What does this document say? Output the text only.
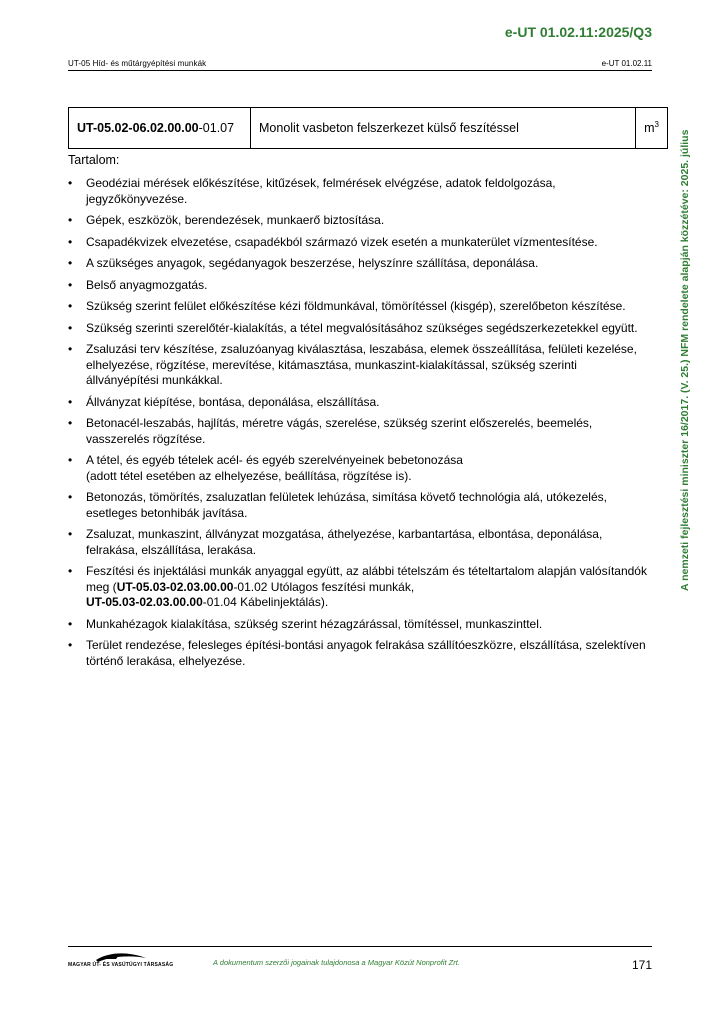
e-UT 01.02.11:2025/Q3
UT-05 Híd- és műtárgyépítési munkák	e-UT 01.02.11
A nemzeti fejlesztési miniszter 16/2017. (V. 25.) NFM rendelete alapján közzétéve: 2025. július
UT-05.02-06.02.00.00-01.07	Monolit vasbeton felszerkezet külső feszítéssel	$m^3$
Tartalom:
• Geodéziai mérések előkészítése, kitűzések, felmérések elvégzése, adatok feldolgozása, jegyzőkönyvezése.
• Gépek, eszközök, berendezések, munkaerő biztosítása.
• Csapadékvizek elvezetése, csapadékból származó vizek esetén a munkaterület vízmentesítése.
• A szükséges anyagok, segédanyagok beszerzése, helyszínre szállítása, deponálása.
• Belső anyagmozgatás.
• Szükség szerint felület előkészítése kézi földmunkával, tömörítéssel (kisgép), szerelőbeton készítése.
• Szükség szerinti szerelőtér-kialakítás, a tétel megvalósításához szükséges segédszerkezetekkel együtt.
• Zsaluzási terv készítése, zsaluzóanyag kiválasztása, leszabása, elemek összeállítása, felületi kezelése, elhelyezése, rögzítése, merevítése, kitámasztása, munkaszint-kialakítással, szükség szerinti állványépítési munkákkal.
• Állványzat kiépítése, bontása, deponálása, elszállítása.
• Betonacél-leszabás, hajlítás, méretre vágás, szerelése, szükség szerint előszerelés, beemelés, vasszerelés rögzítése.
• A tétel, és egyéb tételek acél- és egyéb szerelvényeinek bebetonozása
(adott tétel esetében az elhelyezése, beállítása, rögzítése is).
• Betonozás, tömörítés, zsaluzatlan felületek lehúzása, simítása követő technológia alá, utókezelés, esetleges betonhibák javítása.
• Zsaluzat, munkaszint, állványzat mozgatása, áthelyezése, karbantartása, elbontása, deponálása, felrakása, elszállítása, lerakása.
• Feszítési és injektálási munkák anyaggal együtt, az alábbi tételszám és tételtartalom alapján valósítandók meg (UT-05.03-02.03.00.00-01.02 Utólagos feszítési munkák,
UT-05.03-02.03.00.00-01.04 Kábelinjektálás).
• Munkahézagok kialakítása, szükség szerint hézagzárással, tömítéssel, munkaszinttel.
• Terület rendezése, felesleges építési-bontási anyagok felrakása szállítóeszközre, elszállítása, szelektíven történő lerakása, elhelyezése.
MAGYAR ÚT- ÉS VASÚTÜGYI TÁRSASÁG	A dokumentum szerzői jogainak tulajdonosa a Magyar Közút Nonprofit Zrt.	171
